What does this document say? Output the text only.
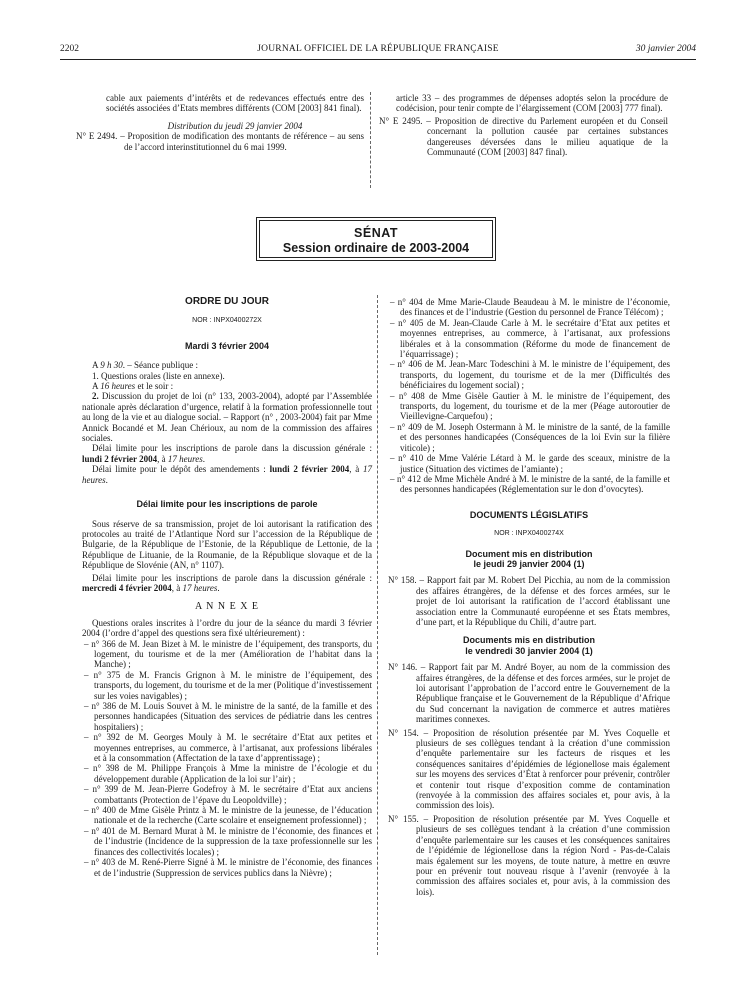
2202	JOURNAL OFFICIEL DE LA RÉPUBLIQUE FRANÇAISE	30 janvier 2004

cable aux paiements d’intérêts et de redevances effectués entre des sociétés associées d’Etats membres différents (COM [2003] 841 final).

Distribution du jeudi 29 janvier 2004

N° E 2494. – Proposition de modification des montants de référence – au sens de l’accord interinstitutionnel du 6 mai 1999.

article 33 – des programmes de dépenses adoptés selon la procédure de codécision, pour tenir compte de l’élargissement (COM [2003] 777 final).

N° E 2495. – Proposition de directive du Parlement européen et du Conseil concernant la pollution causée par certaines substances dangereuses déversées dans le milieu aquatique de la Communauté (COM [2003] 847 final).

SÉNAT
Session ordinaire de 2003-2004

ORDRE DU JOUR

NOR : INPX0400272X

Mardi 3 février 2004

A 9 h 30. – Séance publique :

1. Questions orales (liste en annexe).

A 16 heures et le soir :

2. Discussion du projet de loi (n° 133, 2003-2004), adopté par l’Assemblée nationale après déclaration d’urgence, relatif à la formation professionnelle tout au long de la vie et au dialogue social. – Rapport (n° , 2003-2004) fait par Mme Annick Bocandé et M. Jean Chérioux, au nom de la commission des affaires sociales.

Délai limite pour les inscriptions de parole dans la discussion générale : lundi 2 février 2004, à 17 heures.

Délai limite pour le dépôt des amendements : lundi 2 février 2004, à 17 heures.

Délai limite pour les inscriptions de parole

Sous réserve de sa transmission, projet de loi autorisant la ratification des protocoles au traité de l’Atlantique Nord sur l’accession de la République de Bulgarie, de la République de l’Estonie, de la République de Lettonie, de la République de Lituanie, de la Roumanie, de la République slovaque et de la République de Slovénie (AN, n° 1107).

Délai limite pour les inscriptions de parole dans la discussion générale : mercredi 4 février 2004, à 17 heures.

A N N E X E

Questions orales inscrites à l’ordre du jour de la séance du mardi 3 février 2004 (l’ordre d’appel des questions sera fixé ultérieurement) :

– n° 366 de M. Jean Bizet à M. le ministre de l’équipement, des transports, du logement, du tourisme et de la mer (Amélioration de l’habitat dans la Manche) ;

– n° 375 de M. Francis Grignon à M. le ministre de l’équipement, des transports, du logement, du tourisme et de la mer (Politique d’investissement sur les voies navigables) ;

– n° 386 de M. Louis Souvet à M. le ministre de la santé, de la famille et des personnes handicapées (Situation des services de pédiatrie dans les centres hospitaliers) ;

– n° 392 de M. Georges Mouly à M. le secrétaire d’Etat aux petites et moyennes entreprises, au commerce, à l’artisanat, aux professions libérales et à la consommation (Affectation de la taxe d’apprentissage) ;

– n° 398 de M. Philippe François à Mme la ministre de l’écologie et du développement durable (Application de la loi sur l’air) ;

– n° 399 de M. Jean-Pierre Godefroy à M. le secrétaire d’Etat aux anciens combattants (Protection de l’épave du Leopoldville) ;

– n° 400 de Mme Gisèle Printz à M. le ministre de la jeunesse, de l’éducation nationale et de la recherche (Carte scolaire et enseignement professionnel) ;

– n° 401 de M. Bernard Murat à M. le ministre de l’économie, des finances et de l’industrie (Incidence de la suppression de la taxe professionnelle sur les finances des collectivités locales) ;

– n° 403 de M. René-Pierre Signé à M. le ministre de l’économie, des finances et de l’industrie (Suppression de services publics dans la Nièvre) ;

– n° 404 de Mme Marie-Claude Beaudeau à M. le ministre de l’économie, des finances et de l’industrie (Gestion du personnel de France Télécom) ;

– n° 405 de M. Jean-Claude Carle à M. le secrétaire d’Etat aux petites et moyennes entreprises, au commerce, à l’artisanat, aux professions libérales et à la consommation (Réforme du mode de financement de l’équarrissage) ;

– n° 406 de M. Jean-Marc Todeschini à M. le ministre de l’équipement, des transports, du logement, du tourisme et de la mer (Difficultés des bénéficiaires du logement social) ;

– n° 408 de Mme Gisèle Gautier à M. le ministre de l’équipement, des transports, du logement, du tourisme et de la mer (Péage autoroutier de Vieillevigne-Carquefou) ;

– n° 409 de M. Joseph Ostermann à M. le ministre de la santé, de la famille et des personnes handicapées (Conséquences de la loi Evin sur la filière viticole) ;

– n° 410 de Mme Valérie Létard à M. le garde des sceaux, ministre de la justice (Situation des victimes de l’amiante) ;

– n° 412 de Mme Michèle André à M. le ministre de la santé, de la famille et des personnes handicapées (Réglementation sur le don d’ovocytes).

DOCUMENTS LÉGISLATIFS

NOR : INPX0400274X

Document mis en distribution
le jeudi 29 janvier 2004 (1)

N° 158. – Rapport fait par M. Robert Del Picchia, au nom de la commission des affaires étrangères, de la défense et des forces armées, sur le projet de loi autorisant la ratification de l’accord établissant une association entre la Communauté européenne et ses États membres, d’une part, et la République du Chili, d’autre part.

Documents mis en distribution
le vendredi 30 janvier 2004 (1)

N° 146. – Rapport fait par M. André Boyer, au nom de la commission des affaires étrangères, de la défense et des forces armées, sur le projet de loi autorisant l’approbation de l’accord entre le Gouvernement de la République française et le Gouvernement de la République d’Afrique du Sud concernant la navigation de commerce et autres matières maritimes connexes.

N° 154. – Proposition de résolution présentée par M. Yves Coquelle et plusieurs de ses collègues tendant à la création d’une commission d’enquête parlementaire sur les facteurs de risques et les conséquences sanitaires d’épidémies de légionellose mais également sur les moyens des services d’État à renforcer pour prévenir, contrôler et contenir tout risque d’exposition comme de contamination (renvoyée à la commission des affaires sociales et, pour avis, à la commission des lois).

N° 155. – Proposition de résolution présentée par M. Yves Coquelle et plusieurs de ses collègues tendant à la création d’une commission d’enquête parlementaire sur les causes et les conséquences sanitaires de l’épidémie de légionellose dans la région Nord - Pas-de-Calais mais également sur les moyens, de toute nature, à mettre en œuvre pour en prévenir tout nouveau risque à l’avenir (renvoyée à la commission des affaires sociales et, pour avis, à la commission des lois).
